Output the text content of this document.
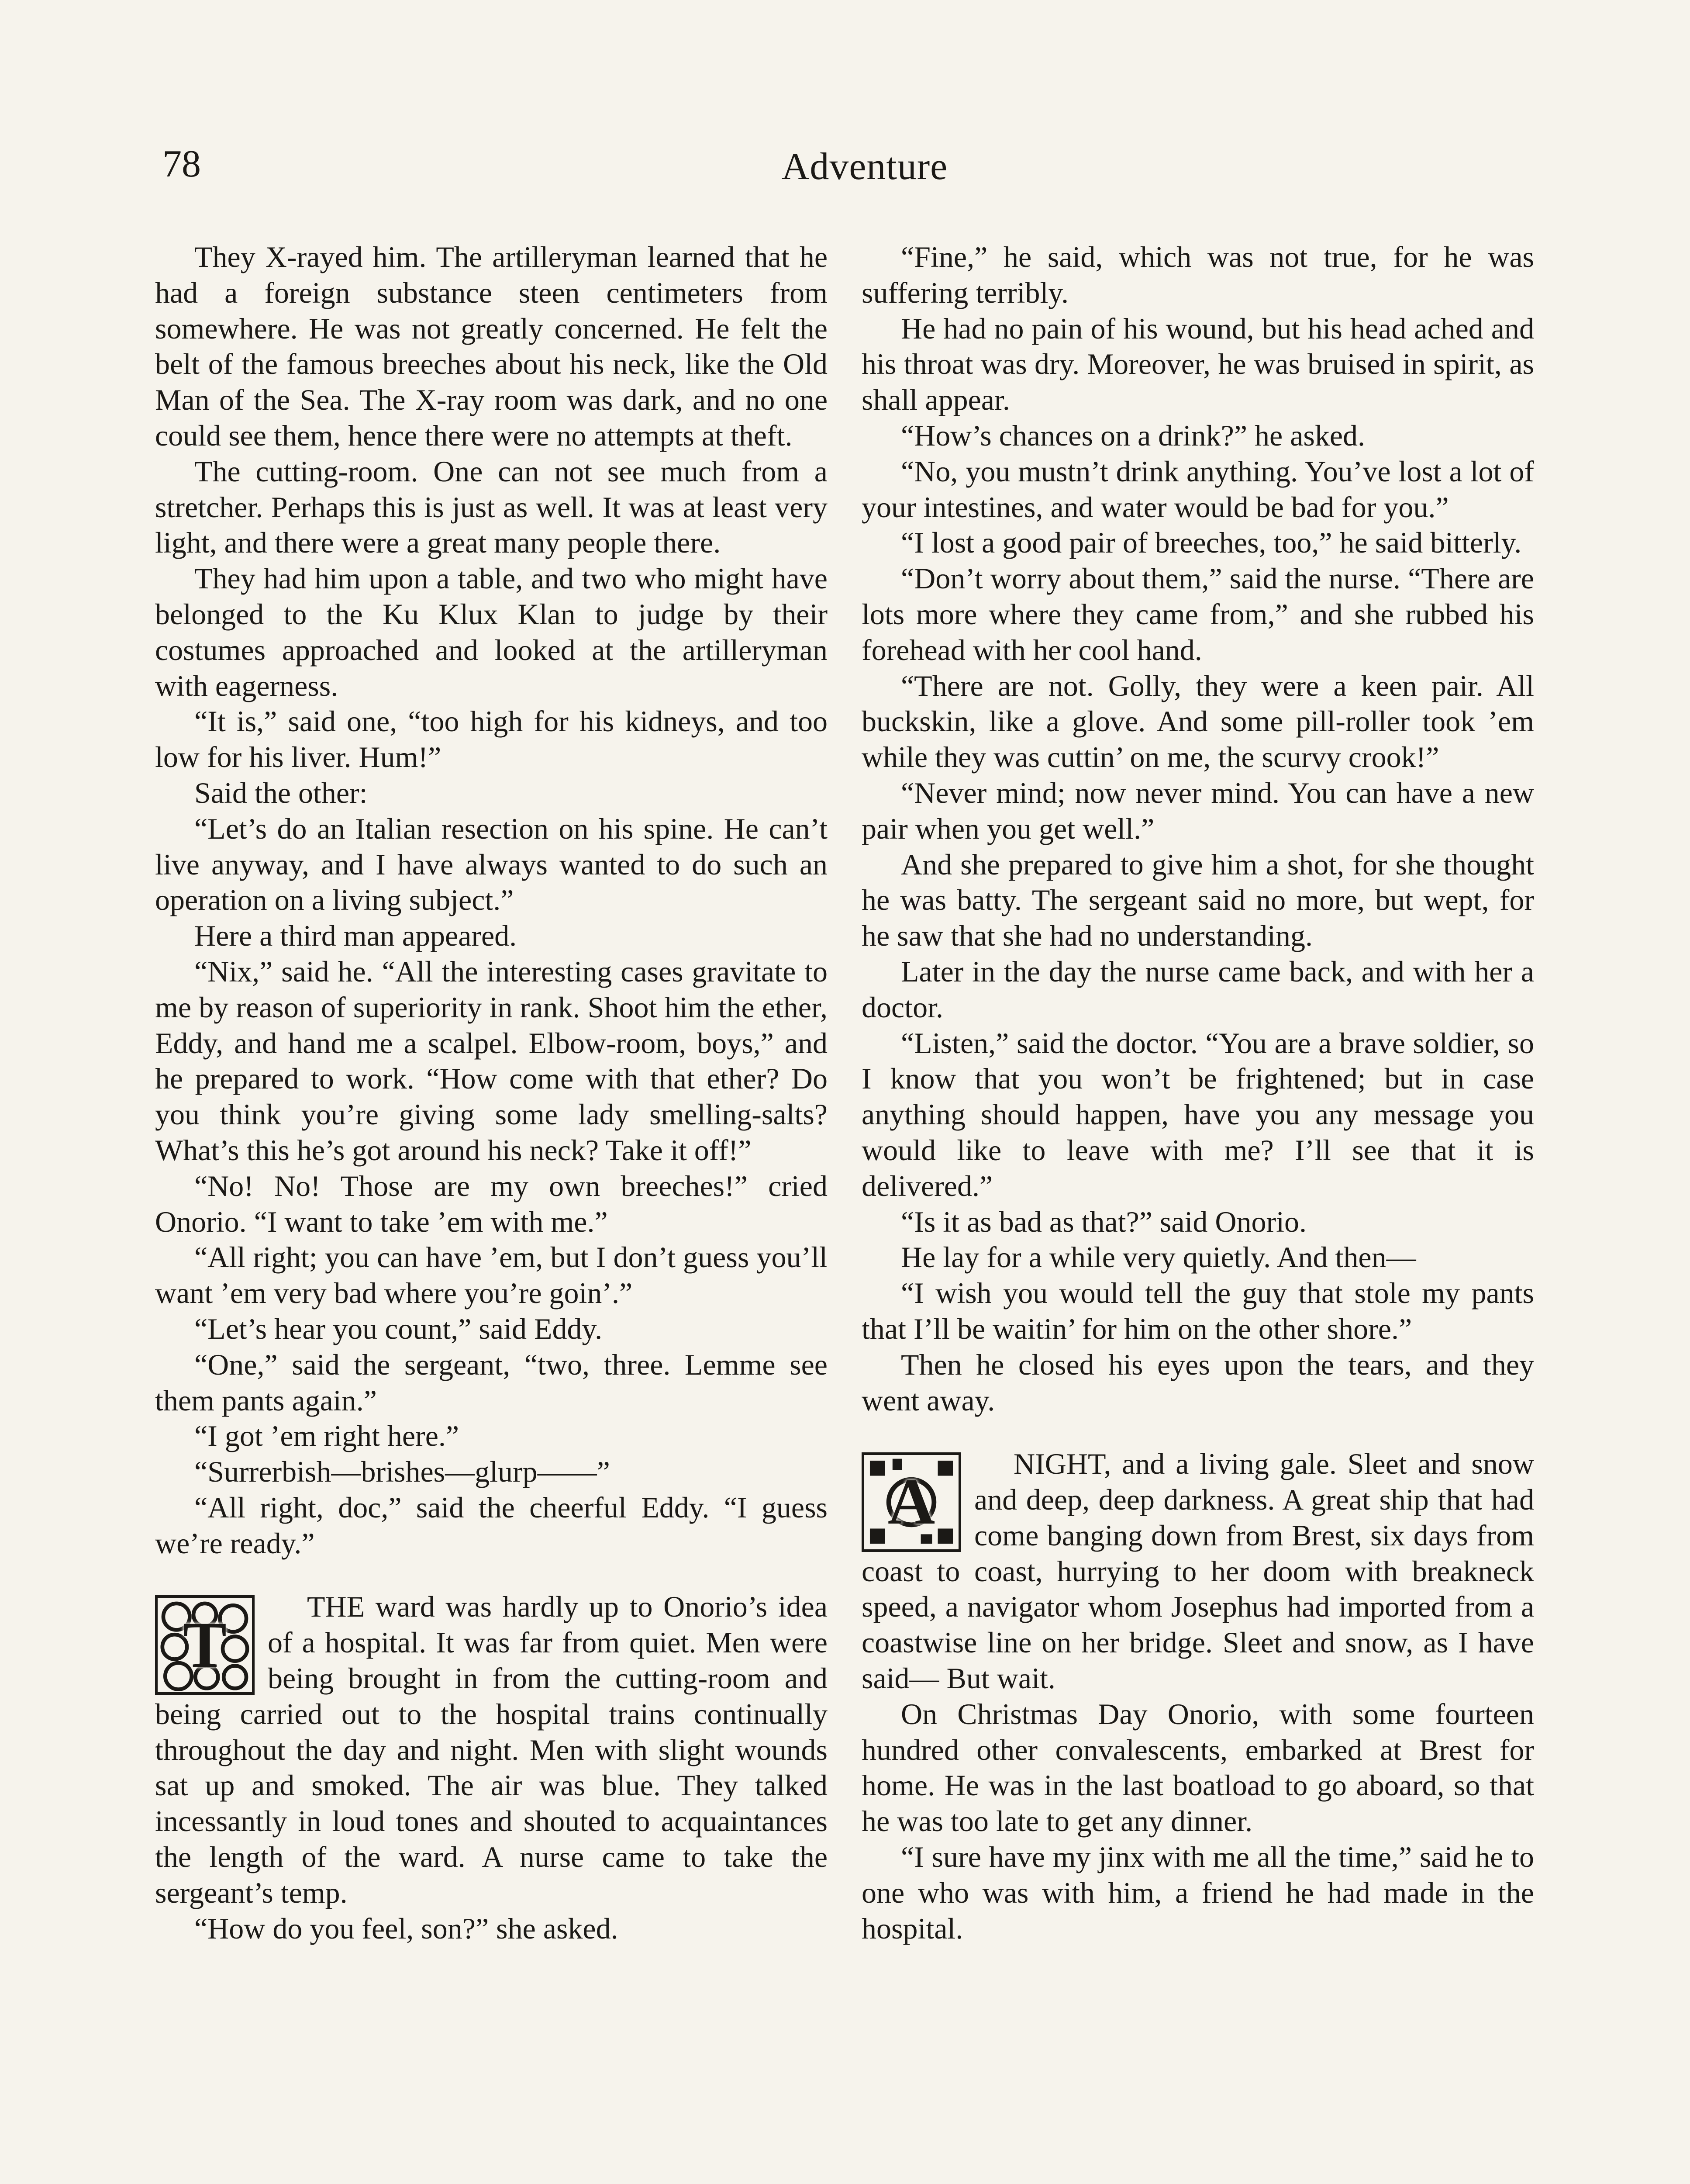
78	Adventure

They X-rayed him. The artilleryman learned that he had a foreign substance steen centimeters from somewhere. He was not greatly concerned. He felt the belt of the famous breeches about his neck, like the Old Man of the Sea. The X-ray room was dark, and no one could see them, hence there were no attempts at theft.

The cutting-room. One can not see much from a stretcher. Perhaps this is just as well. It was at least very light, and there were a great many people there.

They had him upon a table, and two who might have belonged to the Ku Klux Klan to judge by their costumes approached and looked at the artilleryman with eagerness.

“It is,” said one, “too high for his kidneys, and too low for his liver. Hum!”

Said the other:

“Let’s do an Italian resection on his spine. He can’t live anyway, and I have always wanted to do such an operation on a living subject.”

Here a third man appeared.

“Nix,” said he. “All the interesting cases gravitate to me by reason of superiority in rank. Shoot him the ether, Eddy, and hand me a scalpel. Elbow-room, boys,” and he prepared to work. “How come with that ether? Do you think you’re giving some lady smelling-salts? What’s this he’s got around his neck? Take it off!”

“No! No! Those are my own breeches!” cried Onorio. “I want to take ’em with me.”

“All right; you can have ’em, but I don’t guess you’ll want ’em very bad where you’re goin’.”

“Let’s hear you count,” said Eddy.

“One,” said the sergeant, “two, three. Lemme see them pants again.”

“I got ’em right here.”

“Surrerbish—brishes—glurp——”

“All right, doc,” said the cheerful Eddy. “I guess we’re ready.”

T

THE ward was hardly up to Onorio’s idea of a hospital. It was far from quiet. Men were being brought in from the cutting-room and being carried out to the hospital trains continually throughout the day and night. Men with slight wounds sat up and smoked. The air was blue. They talked incessantly in loud tones and shouted to acquaintances the length of the ward. A nurse came to take the sergeant’s temp.

“How do you feel, son?” she asked.

“Fine,” he said, which was not true, for he was suffering terribly.

He had no pain of his wound, but his head ached and his throat was dry. Moreover, he was bruised in spirit, as shall appear.

“How’s chances on a drink?” he asked.

“No, you mustn’t drink anything. You’ve lost a lot of your intestines, and water would be bad for you.”

“I lost a good pair of breeches, too,” he said bitterly.

“Don’t worry about them,” said the nurse. “There are lots more where they came from,” and she rubbed his forehead with her cool hand.

“There are not. Golly, they were a keen pair. All buckskin, like a glove. And some pill-roller took ’em while they was cuttin’ on me, the scurvy crook!”

“Never mind; now never mind. You can have a new pair when you get well.”

And she prepared to give him a shot, for she thought he was batty. The sergeant said no more, but wept, for he saw that she had no understanding.

Later in the day the nurse came back, and with her a doctor.

“Listen,” said the doctor. “You are a brave soldier, so I know that you won’t be frightened; but in case anything should happen, have you any message you would like to leave with me? I’ll see that it is delivered.”

“Is it as bad as that?” said Onorio.

He lay for a while very quietly. And then—

“I wish you would tell the guy that stole my pants that I’ll be waitin’ for him on the other shore.”

Then he closed his eyes upon the tears, and they went away.

A

NIGHT, and a living gale. Sleet and snow and deep, deep darkness. A great ship that had come banging down from Brest, six days from coast to coast, hurrying to her doom with breakneck speed, a navigator whom Josephus had imported from a coastwise line on her bridge. Sleet and snow, as I have said— But wait.

On Christmas Day Onorio, with some fourteen hundred other convalescents, embarked at Brest for home. He was in the last boatload to go aboard, so that he was too late to get any dinner.

“I sure have my jinx with me all the time,” said he to one who was with him, a friend he had made in the hospital.
